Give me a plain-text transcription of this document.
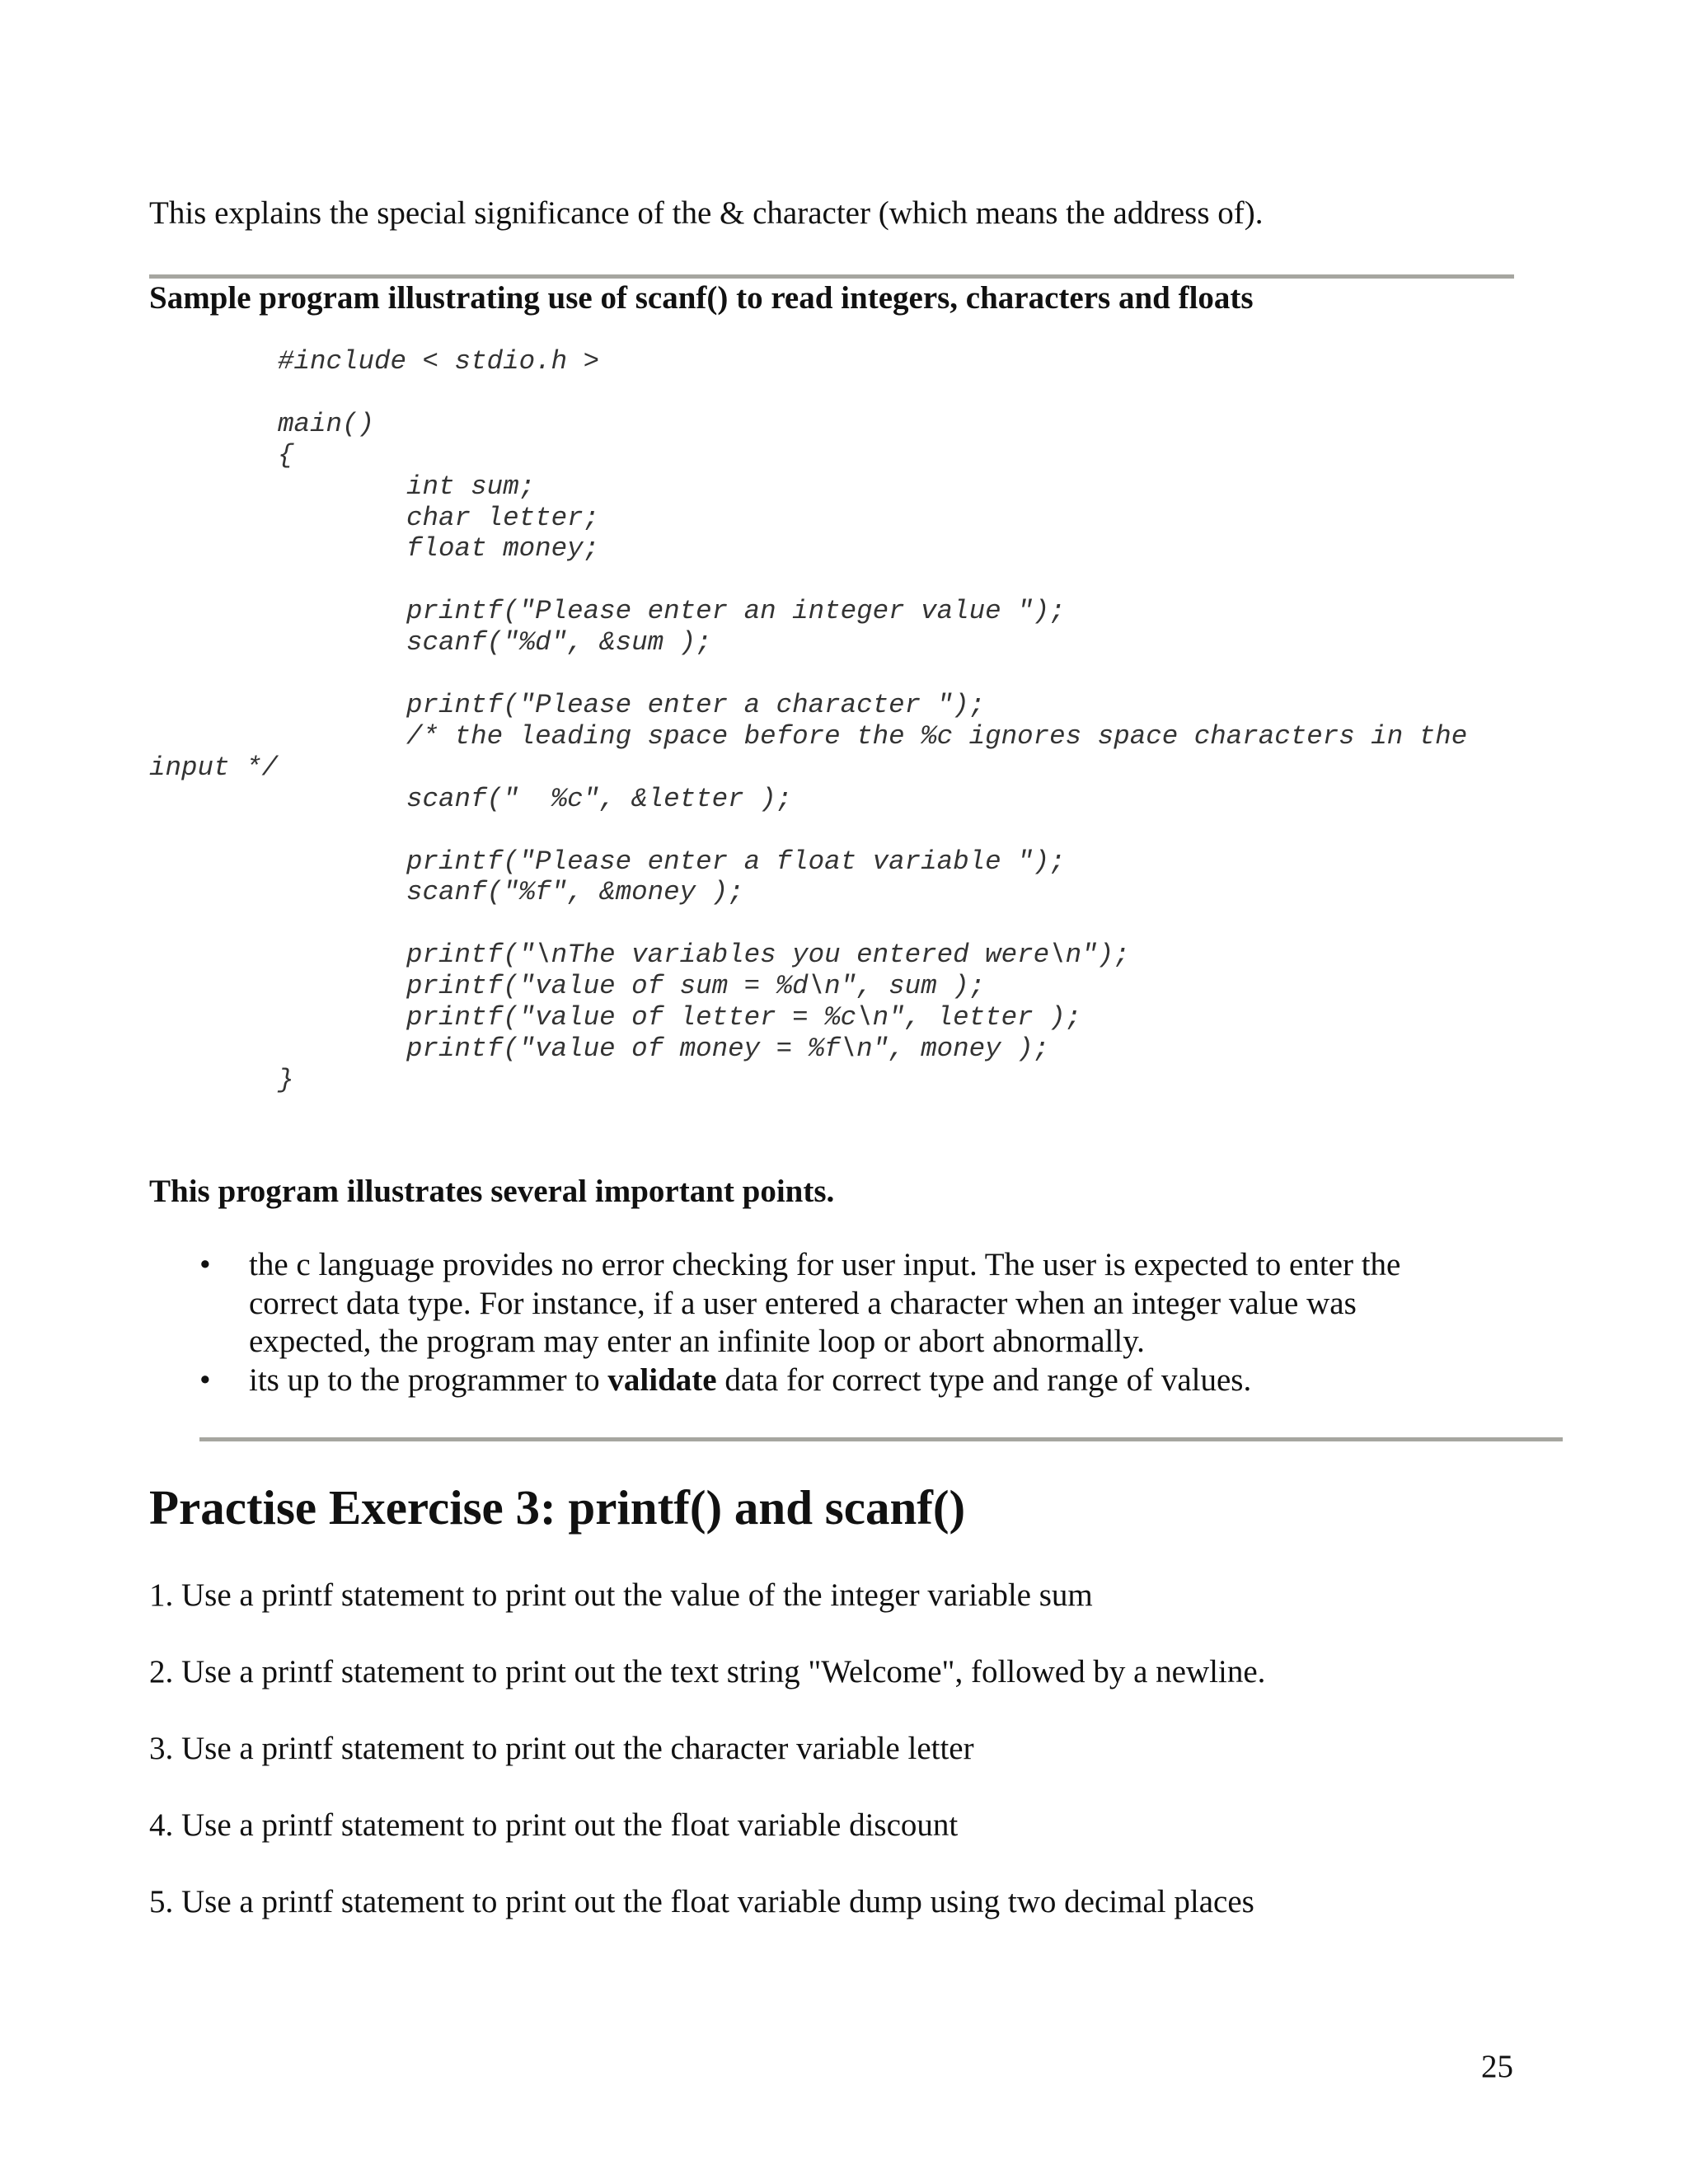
This explains the special significance of the & character (which means the address of).

Sample program illustrating use of scanf() to read integers, characters and floats
#include < stdio.h >

main()
{
int sum;
char letter;
float money;

printf("Please enter an integer value ");
scanf("%d", &sum );

printf("Please enter a character ");
/* the leading space before the %c ignores space characters in the
input */
scanf("  %c", &letter );

printf("Please enter a float variable ");
scanf("%f", &money );

printf("\nThe variables you entered were\n");
printf("value of sum = %d\n", sum );
printf("value of letter = %c\n", letter );
printf("value of money = %f\n", money );
}
This program illustrates several important points.
• the c language provides no error checking for user input. The user is expected to enter the correct data type. For instance, if a user entered a character when an integer value was expected, the program may enter an infinite loop or abort abnormally.
• its up to the programmer to validate data for correct type and range of values.
Practise Exercise 3: printf() and scanf()
1. Use a printf statement to print out the value of the integer variable sum
2. Use a printf statement to print out the text string "Welcome", followed by a newline.
3. Use a printf statement to print out the character variable letter
4. Use a printf statement to print out the float variable discount
5. Use a printf statement to print out the float variable dump using two decimal places
25
